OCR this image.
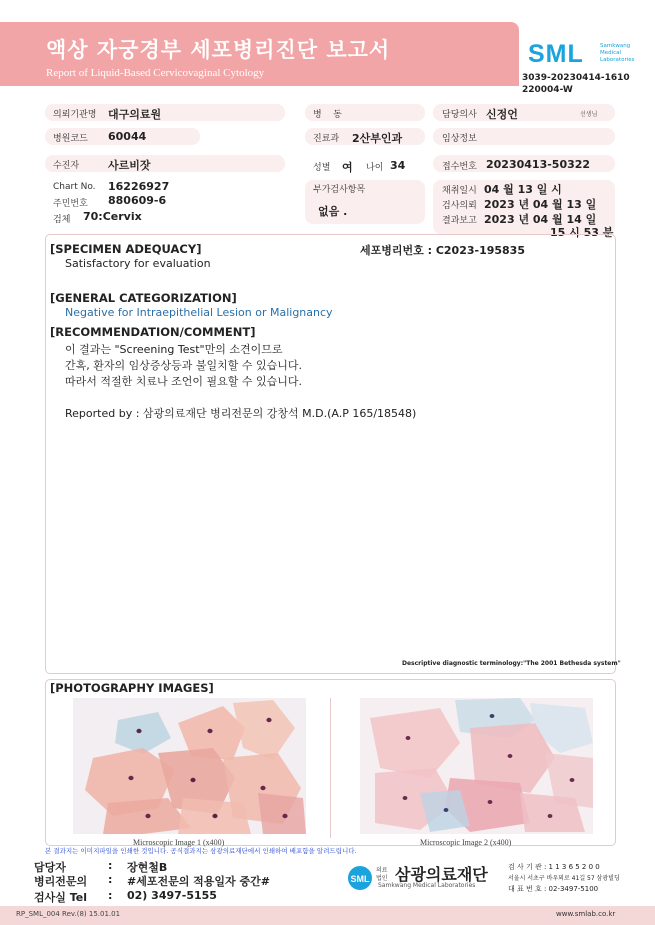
액상 자궁경부 세포병리진단 보고서
Report of Liquid-Based Cervicovaginal Cytology
SML	Samkwang Medical Laboratories
3039-20230414-1610
220004-W
의뢰기관명 대구의료원	병    동	담당의사 신정언	선생님
병원코드 60044	진료과 2산부인과	임상정보
수진자	사르비잣	성별 여 나이 34	접수번호 20230413-50322
Chart No. 16226927
주민번호 880609-6
검체 70:Cervix
부가검사항목
없음 .
채취일시 04 월 13 일 시
검사의뢰 2023 년 04 월 13 일
결과보고 2023 년 04 월 14 일
15 시 53 분
[SPECIMEN ADEQUACY]	세포병리번호 : C2023-195835
Satisfactory for evaluation
[GENERAL CATEGORIZATION]
Negative for Intraepithelial Lesion or Malignancy
[RECOMMENDATION/COMMENT]
이 결과는 "Screening Test"만의 소견이므로
간혹, 환자의 임상증상등과 불일치할 수 있습니다.
따라서 적절한 치료나 조언이 필요할 수 있습니다.
Reported by : 삼광의료재단 병리전문의 강창석 M.D.(A.P 165/18548)
Descriptive diagnostic terminology:"The 2001 Bethesda system"
[PHOTOGRAPHY IMAGES]
Microscopic Image 1 (x400)	Microscopic Image 2 (x400)
본 결과지는 이미지파일을 인쇄한 것입니다. 공식결과지는 삼광의료재단에서 인쇄하여 배포함을 알려드립니다.
담당자	: 장현철B
병리전문의 : #세포전문의 적용일자 중간#
검사실 Tel : 02) 3497-5155
SML
의료
법인 삼광의료재단
Samkwang Medical Laboratories
검 사 기 관 : 1 1 3 6 5 2 0 0
서울시 서초구 바우뫼로 41길 57 삼광빌딩
대 표 번 호 : 02-3497-5100
RP_SML_004 Rev.(8) 15.01.01	www.smlab.co.kr
